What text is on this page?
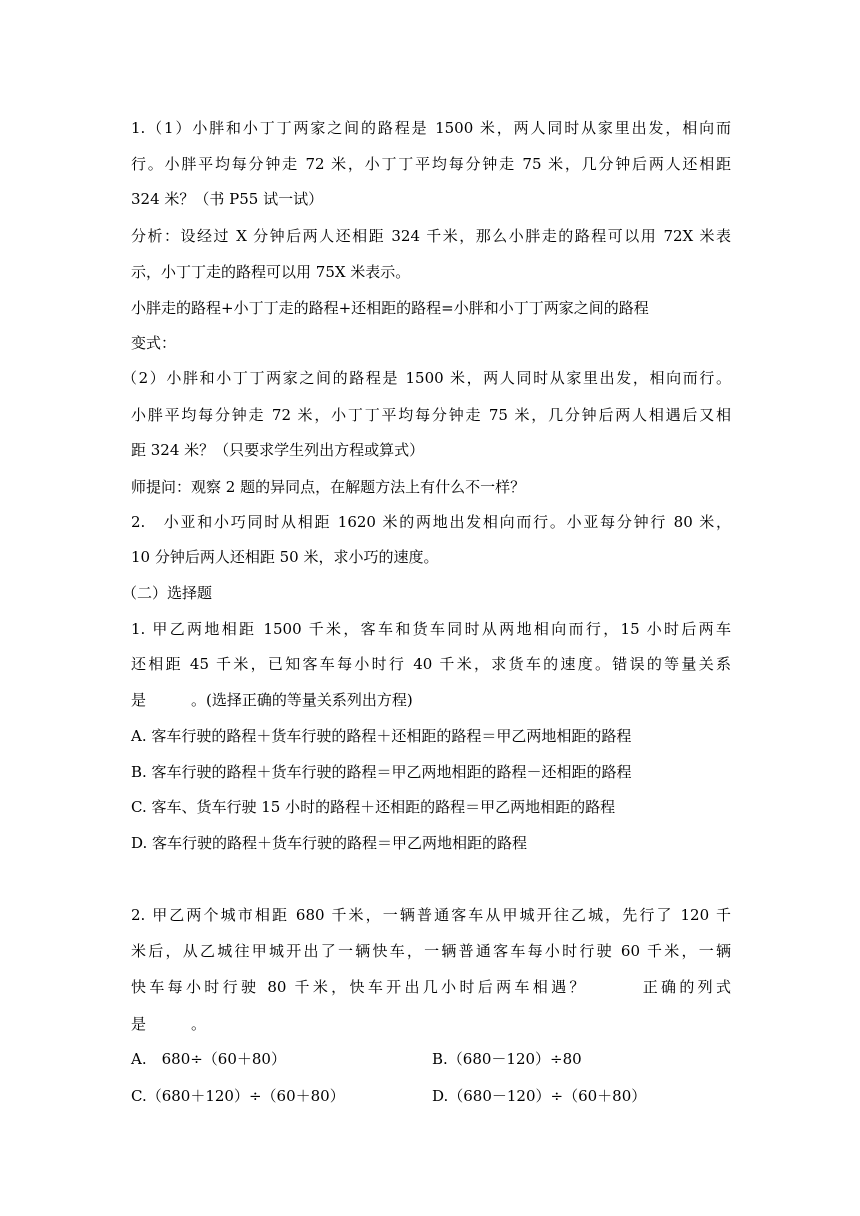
1.（1）小胖和小丁丁两家之间的路程是 1500 米，两人同时从家里出发，相向而
行。小胖平均每分钟走 72 米，小丁丁平均每分钟走 75 米，几分钟后两人还相距
324 米？（书 P55 试一试）
分析：设经过 X 分钟后两人还相距 324 千米，那么小胖走的路程可以用 72X 米表
示，小丁丁走的路程可以用 75X 米表示。
小胖走的路程+小丁丁走的路程+还相距的路程=小胖和小丁丁两家之间的路程
变式：
（2）小胖和小丁丁两家之间的路程是 1500 米，两人同时从家里出发，相向而行。
小胖平均每分钟走 72 米，小丁丁平均每分钟走 75 米，几分钟后两人相遇后又相
距 324 米？（只要求学生列出方程或算式）
师提问：观察 2 题的异同点，在解题方法上有什么不一样？
2.　小亚和小巧同时从相距 1620 米的两地出发相向而行。小亚每分钟行 80 米，
10 分钟后两人还相距 50 米，求小巧的速度。
（二）选择题
1. 甲乙两地相距 1500 千米，客车和货车同时从两地相向而行，15 小时后两车
还相距 45 千米，已知客车每小时行 40 千米，求货车的速度。错误的等量关系
是　　　。(选择正确的等量关系列出方程)
A. 客车行驶的路程＋货车行驶的路程＋还相距的路程＝甲乙两地相距的路程
B. 客车行驶的路程＋货车行驶的路程＝甲乙两地相距的路程－还相距的路程
C. 客车、货车行驶 15 小时的路程＋还相距的路程＝甲乙两地相距的路程
D. 客车行驶的路程＋货车行驶的路程＝甲乙两地相距的路程
2. 甲乙两个城市相距 680 千米，一辆普通客车从甲城开往乙城，先行了 120 千
米后，从乙城往甲城开出了一辆快车，一辆普通客车每小时行驶 60 千米，一辆
快车每小时行驶 80 千米，快车开出几小时后两车相遇？　　　正确的列式
是　　　。
A.　680÷（60＋80）	B.（680－120）÷80
C.（680＋120）÷（60＋80）	D.（680－120）÷（60＋80）
